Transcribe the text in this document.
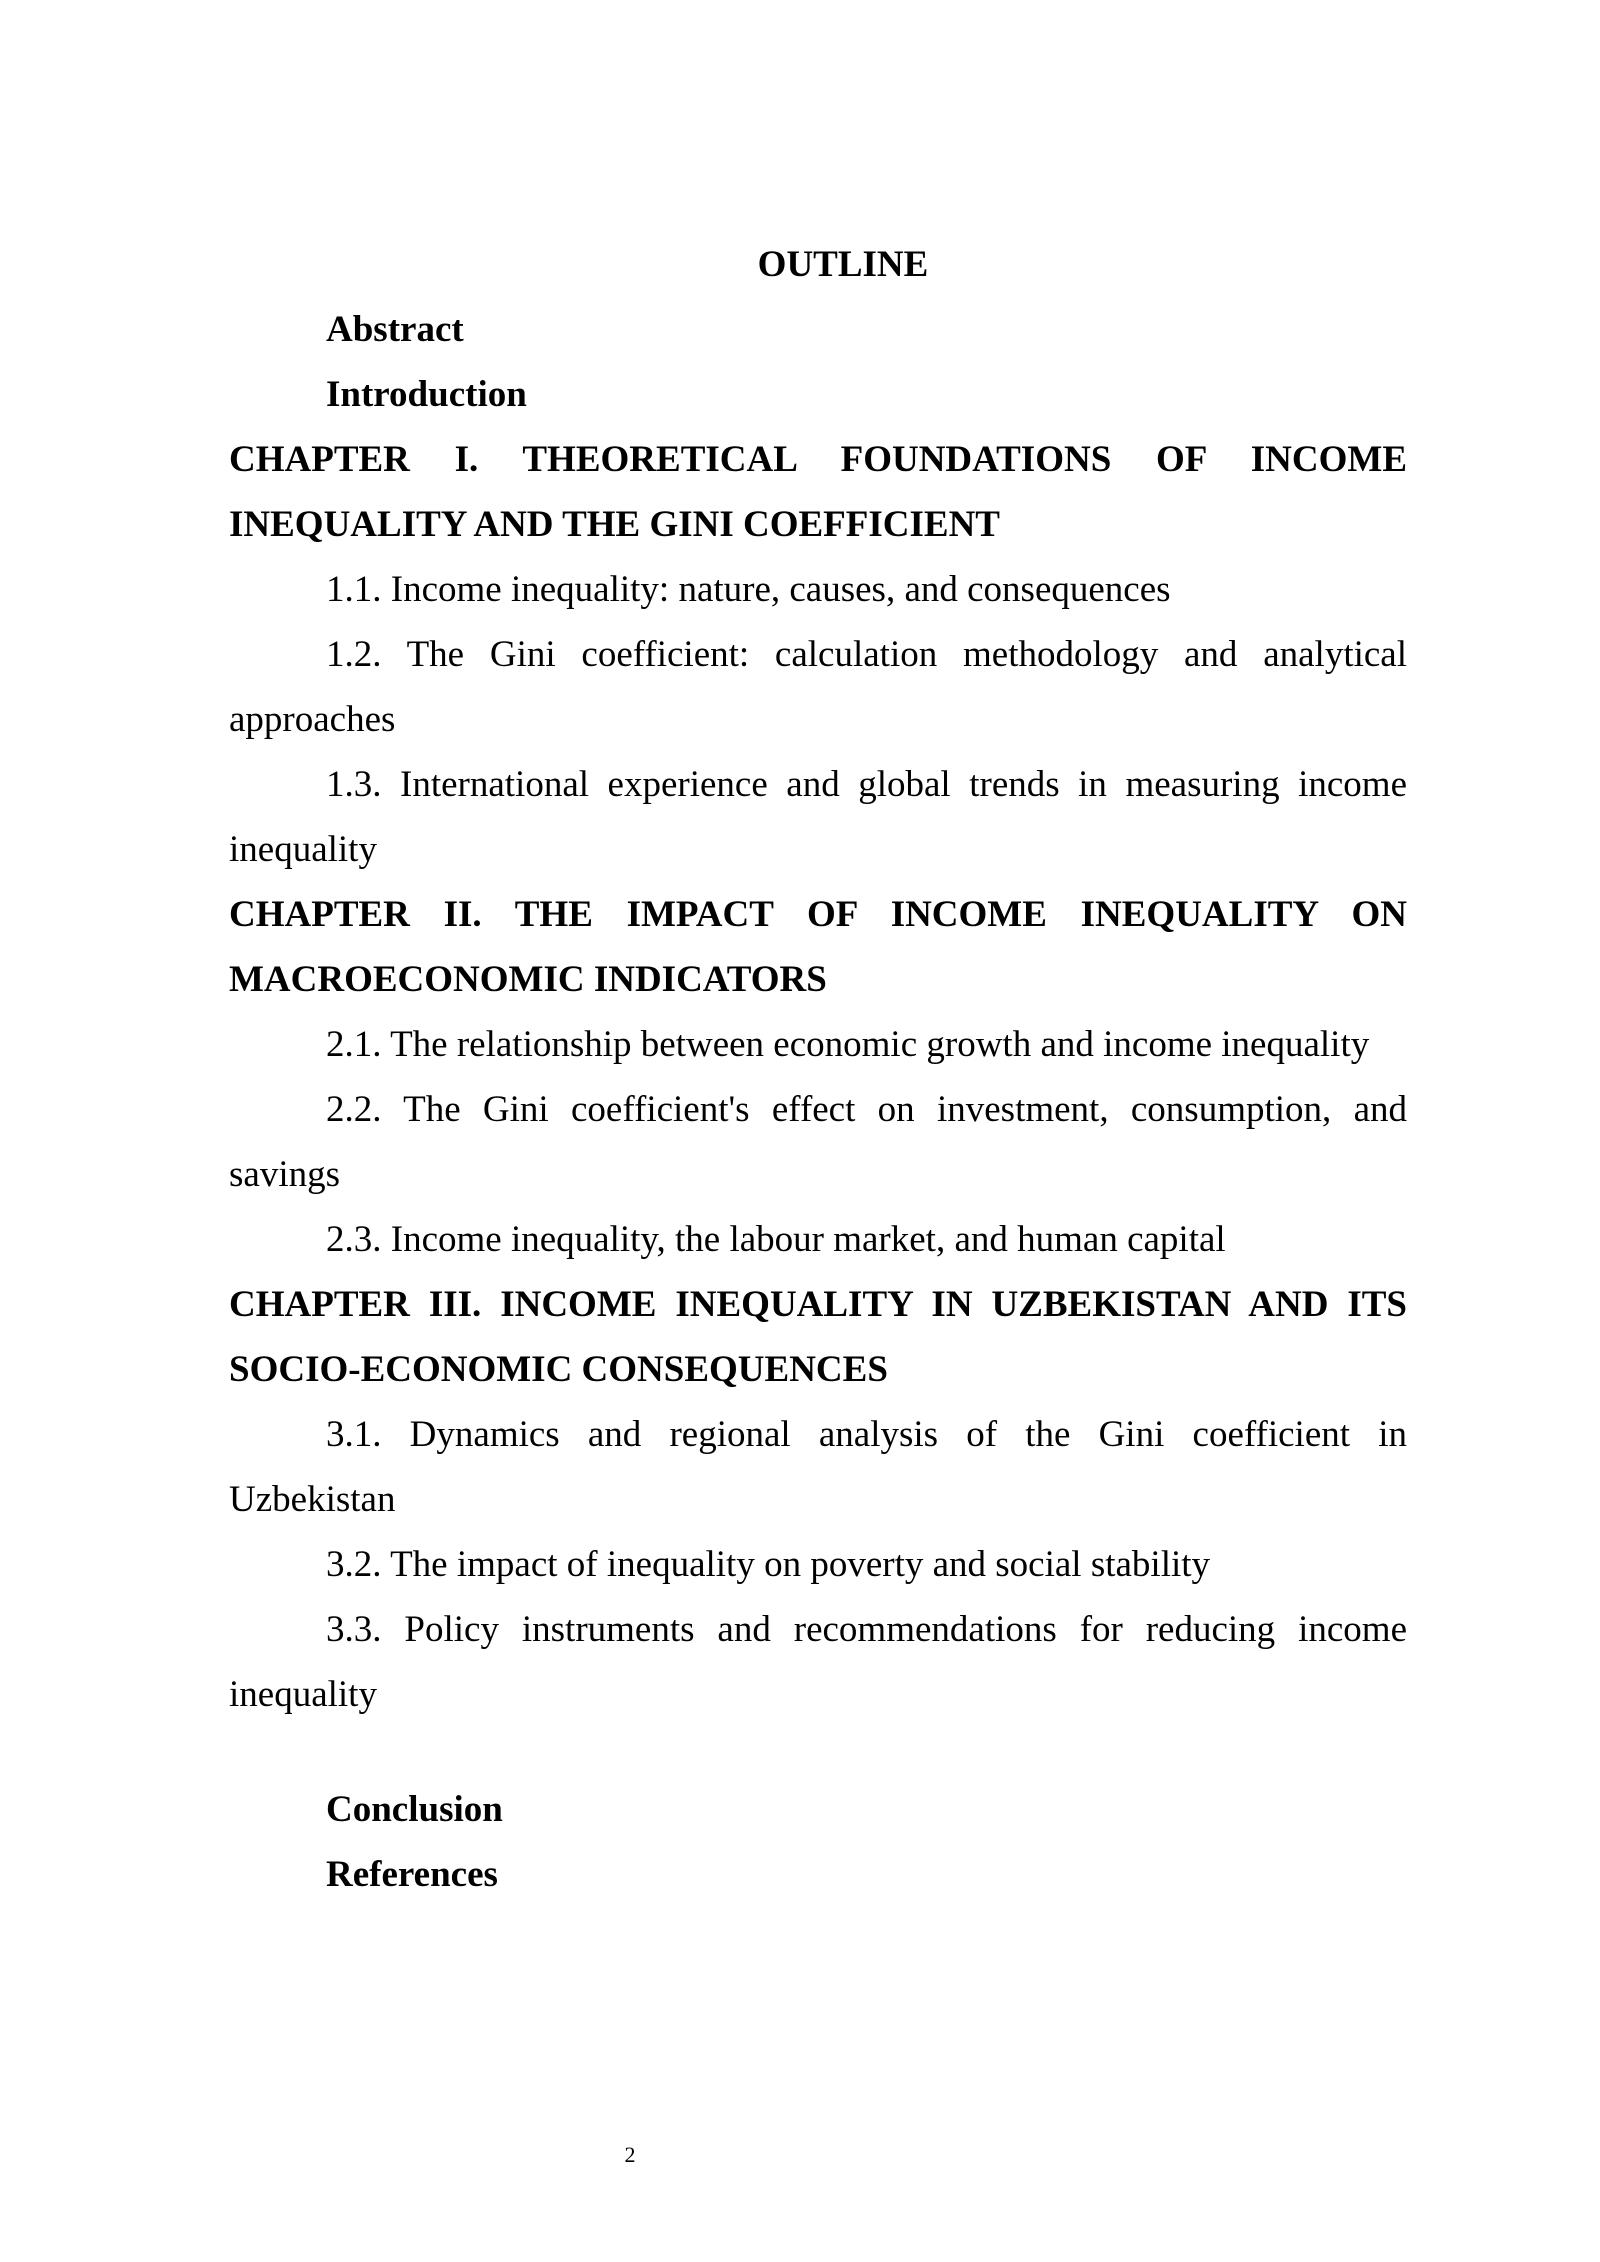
OUTLINE

Abstract

Introduction

CHAPTER I. THEORETICAL FOUNDATIONS OF INCOME INEQUALITY AND THE GINI COEFFICIENT

1.1. Income inequality: nature, causes, and consequences

1.2. The Gini coefficient: calculation methodology and analytical approaches

1.3. International experience and global trends in measuring income inequality

CHAPTER II. THE IMPACT OF INCOME INEQUALITY ON MACROECONOMIC INDICATORS

2.1. The relationship between economic growth and income inequality

2.2. The Gini coefficient's effect on investment, consumption, and savings

2.3. Income inequality, the labour market, and human capital

CHAPTER III. INCOME INEQUALITY IN UZBEKISTAN AND ITS SOCIO-ECONOMIC CONSEQUENCES

3.1. Dynamics and regional analysis of the Gini coefficient in Uzbekistan

3.2. The impact of inequality on poverty and social stability

3.3. Policy instruments and recommendations for reducing income inequality

Conclusion

References

2
